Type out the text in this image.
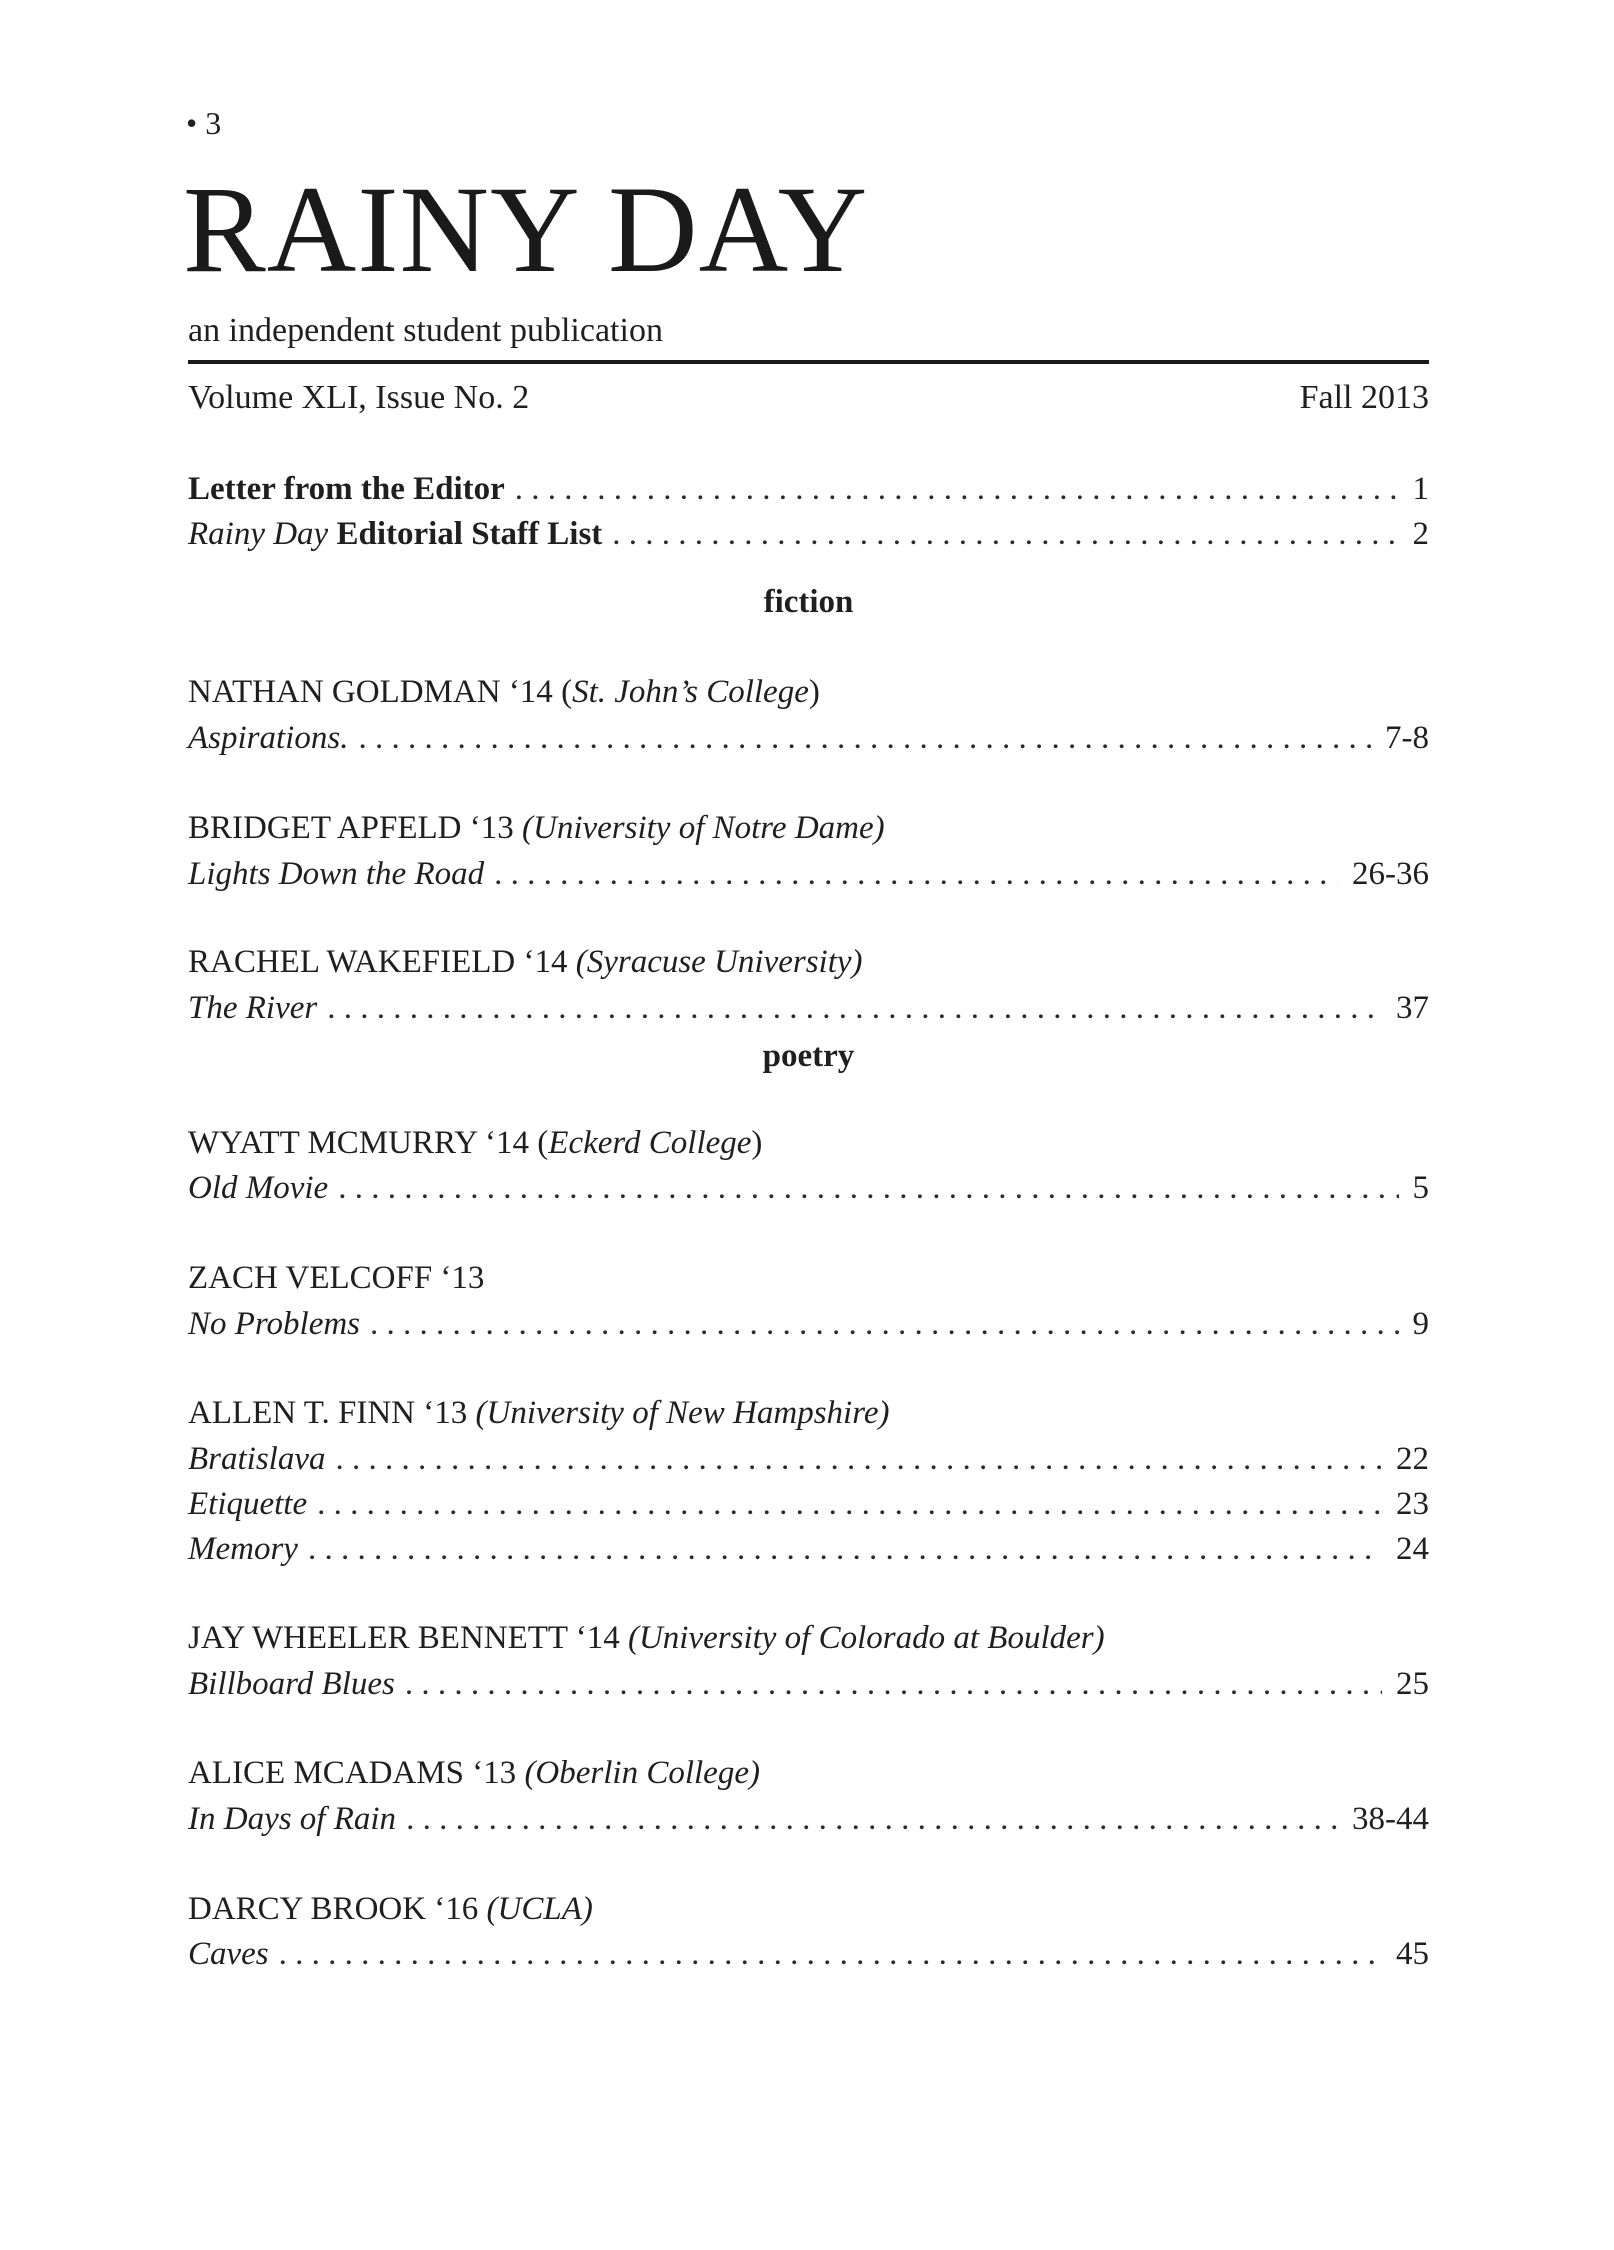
• 3
RAINY DAY
an independent student publication
Volume XLI, Issue No. 2	Fall 2013
Letter from the Editor . . .	1
Rainy Day Editorial Staff List . . .	2
fiction
NATHAN GOLDMAN ‘14 (St. John’s College)
Aspirations. . . .	7-8
BRIDGET APFELD ‘13 (University of Notre Dame)
Lights Down the Road . . .	26-36
RACHEL WAKEFIELD ‘14 (Syracuse University)
The River . . .	37
poetry
WYATT MCMURRY ‘14 (Eckerd College)
Old Movie . . .	5
ZACH VELCOFF ‘13
No Problems . . .	9
ALLEN T. FINN ‘13 (University of New Hampshire)
Bratislava . . .	22
Etiquette . . .	23
Memory . . .	24
JAY WHEELER BENNETT ‘14 (University of Colorado at Boulder)
Billboard Blues . . .	25
ALICE MCADAMS ‘13 (Oberlin College)
In Days of Rain . . .	38-44
DARCY BROOK ‘16 (UCLA)
Caves . . .	45
